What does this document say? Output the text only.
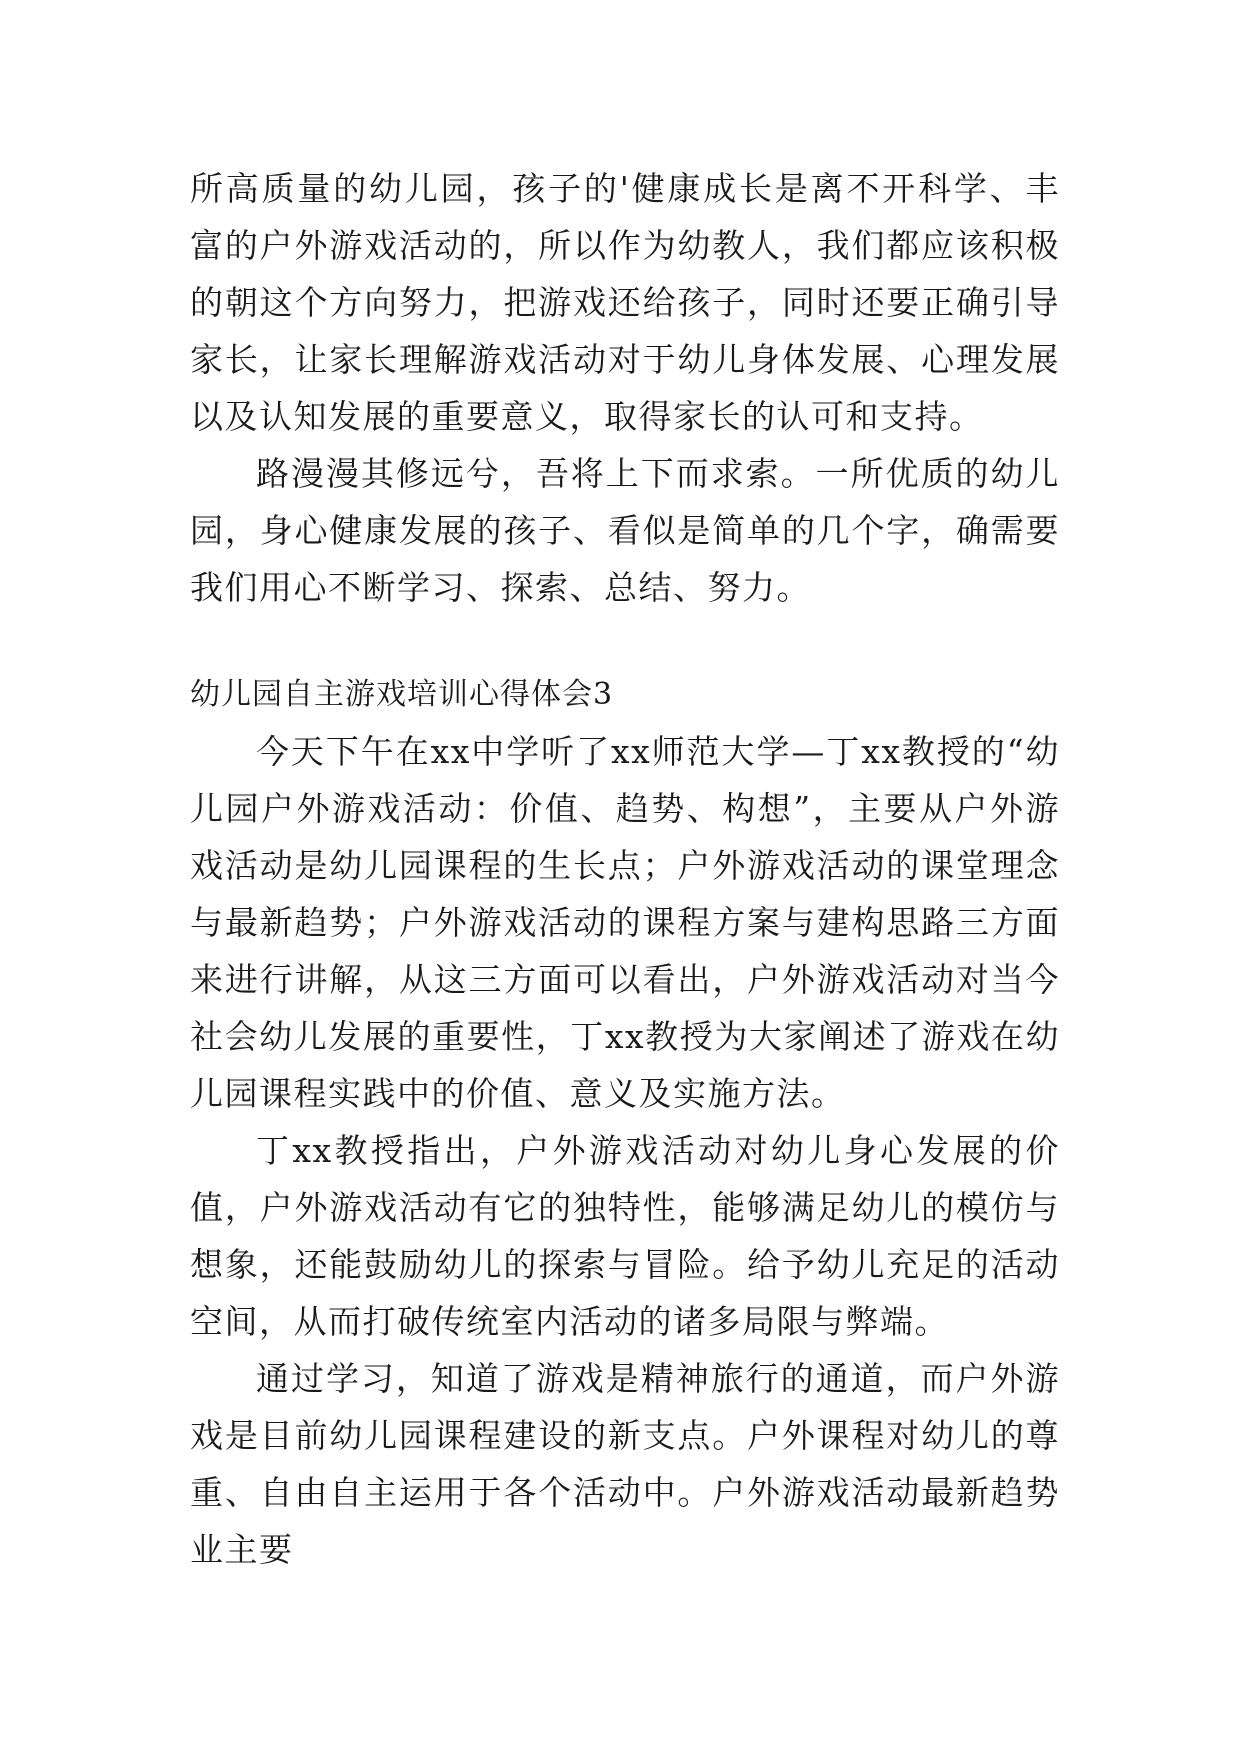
所高质量的幼儿园，孩子的'健康成长是离不开科学、丰富的户外游戏活动的，所以作为幼教人，我们都应该积极的朝这个方向努力，把游戏还给孩子，同时还要正确引导家长，让家长理解游戏活动对于幼儿身体发展、心理发展以及认知发展的重要意义，取得家长的认可和支持。

路漫漫其修远兮，吾将上下而求索。一所优质的幼儿园，身心健康发展的孩子、看似是简单的几个字，确需要我们用心不断学习、探索、总结、努力。

幼儿园自主游戏培训心得体会3

今天下午在xx中学听了xx师范大学—丁xx教授的“幼儿园户外游戏活动：价值、趋势、构想”，主要从户外游戏活动是幼儿园课程的生长点；户外游戏活动的课堂理念与最新趋势；户外游戏活动的课程方案与建构思路三方面来进行讲解，从这三方面可以看出，户外游戏活动对当今社会幼儿发展的重要性，丁xx教授为大家阐述了游戏在幼儿园课程实践中的价值、意义及实施方法。

丁xx教授指出，户外游戏活动对幼儿身心发展的价值，户外游戏活动有它的独特性，能够满足幼儿的模仿与想象，还能鼓励幼儿的探索与冒险。给予幼儿充足的活动空间，从而打破传统室内活动的诸多局限与弊端。

通过学习，知道了游戏是精神旅行的通道，而户外游戏是目前幼儿园课程建设的新支点。户外课程对幼儿的尊重、自由自主运用于各个活动中。户外游戏活动最新趋势业主要
